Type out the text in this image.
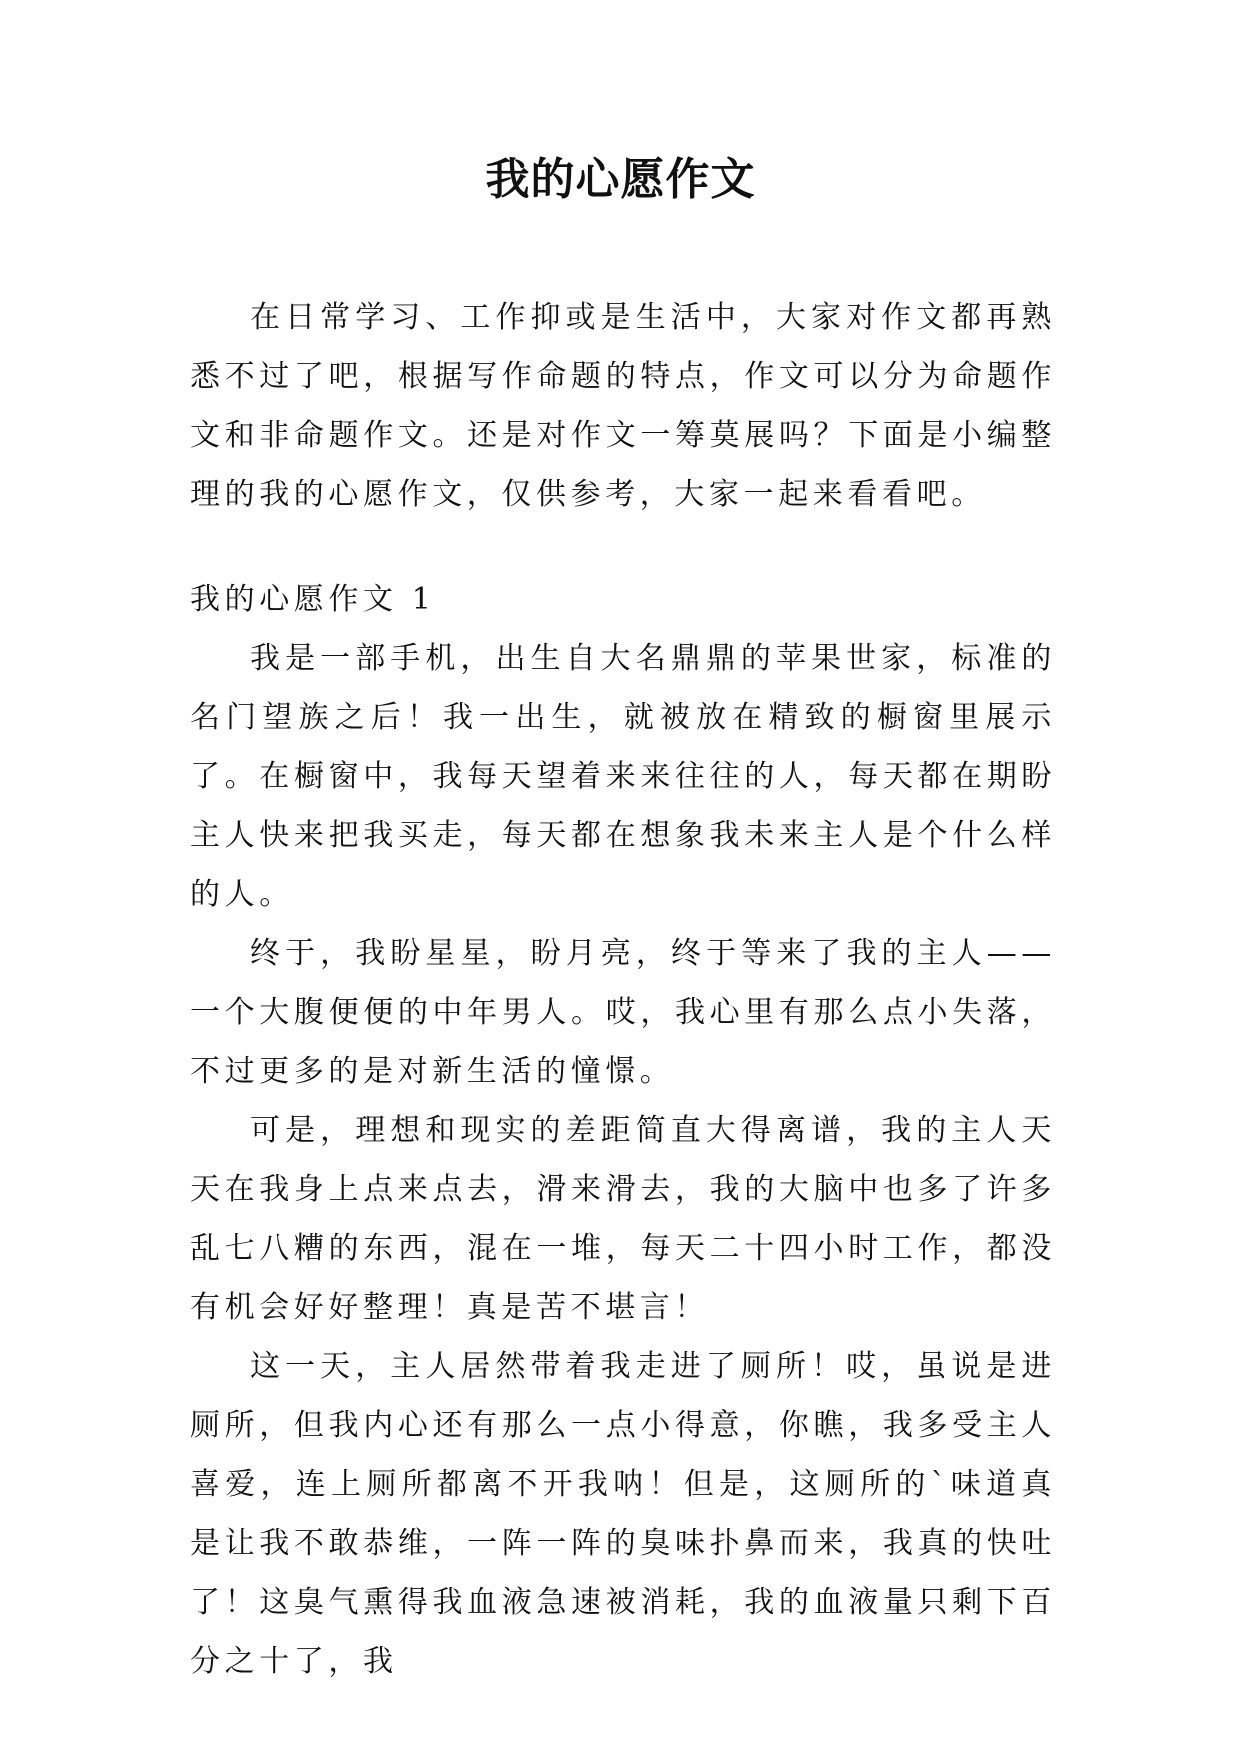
我的心愿作文

在日常学习、工作抑或是生活中，大家对作文都再熟悉不过了吧，根据写作命题的特点，作文可以分为命题作文和非命题作文。还是对作文一筹莫展吗？下面是小编整理的我的心愿作文，仅供参考，大家一起来看看吧。

我的心愿作文 1

我是一部手机，出生自大名鼎鼎的苹果世家，标准的名门望族之后！我一出生，就被放在精致的橱窗里展示了。在橱窗中，我每天望着来来往往的人，每天都在期盼主人快来把我买走，每天都在想象我未来主人是个什么样的人。

终于，我盼星星，盼月亮，终于等来了我的主人——一个大腹便便的中年男人。哎，我心里有那么点小失落，不过更多的是对新生活的憧憬。

可是，理想和现实的差距简直大得离谱，我的主人天天在我身上点来点去，滑来滑去，我的大脑中也多了许多乱七八糟的东西，混在一堆，每天二十四小时工作，都没有机会好好整理！真是苦不堪言！

这一天，主人居然带着我走进了厕所！哎，虽说是进厕所，但我内心还有那么一点小得意，你瞧，我多受主人喜爱，连上厕所都离不开我呐！但是，这厕所的`味道真是让我不敢恭维，一阵一阵的臭味扑鼻而来，我真的快吐了！这臭气熏得我血液急速被消耗，我的血液量只剩下百分之十了，我
